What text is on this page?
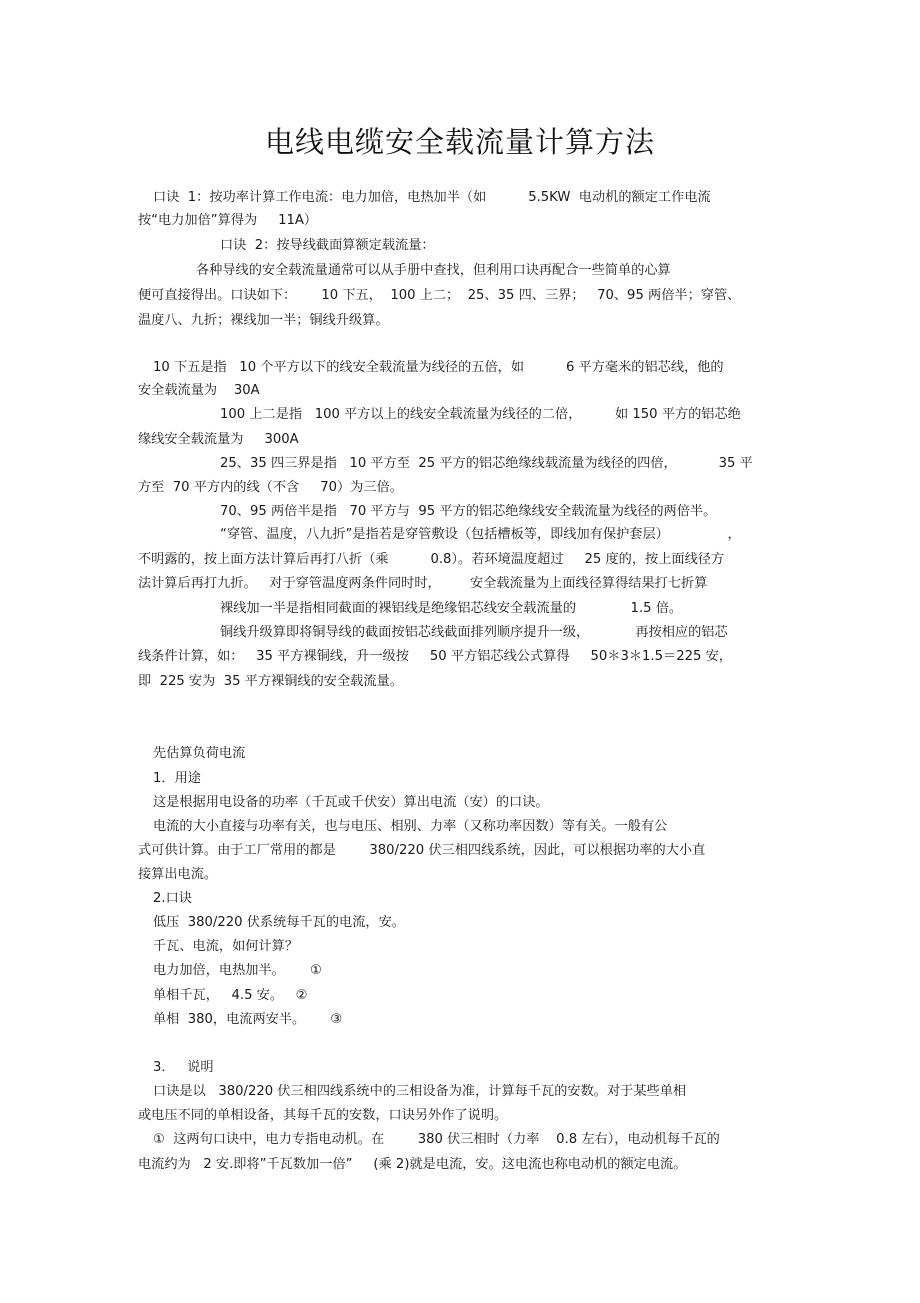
电线电缆安全载流量计算方法
口诀  1：按功率计算工作电流：电力加倍，电热加半（如          5.5KW  电动机的额定工作电流
按“电力加倍”算得为     11A）
口诀  2：按导线截面算额定载流量：
各种导线的安全载流量通常可以从手册中查找，但利用口诀再配合一些简单的心算
便可直接得出。口诀如下：      10 下五，  100 上二；  25、35 四、三界；   70、95 两倍半；穿管、
温度八、九折；裸线加一半；铜线升级算。
10 下五是指   10 个平方以下的线安全载流量为线径的五倍，如          6 平方毫米的铝芯线，他的
安全载流量为    30A
100 上二是指   100 平方以上的线安全载流量为线径的二倍，        如 150 平方的铝芯绝
缘线安全载流量为     300A
25、35 四三界是指   10 平方至  25 平方的铝芯绝缘线载流量为线径的四倍，          35 平
方至  70 平方内的线（不含     70）为三倍。
70、95 两倍半是指   70 平方与  95 平方的铝芯绝缘线安全载流量为线径的两倍半。
“穿管、温度，八九折”是指若是穿管敷设（包括槽板等，即线加有保护套层）              ，
不明露的，按上面方法计算后再打八折（乘          0.8）。若环境温度超过     25 度的，按上面线径方
法计算后再打九折。   对于穿管温度两条件同时时，       安全载流量为上面线径算得结果打七折算
裸线加一半是指相同截面的裸铝线是绝缘铝芯线安全载流量的             1.5 倍。
铜线升级算即将铜导线的截面按铝芯线截面排列顺序提升一级，           再按相应的铝芯
线条件计算，如：   35 平方裸铜线，升一级按     50 平方铝芯线公式算得     50＊3＊1.5＝225 安，
即  225 安为  35 平方裸铜线的安全载流量。
先估算负荷电流
1．用途
这是根据用电设备的功率（千瓦或千伏安）算出电流（安）的口诀。
电流的大小直接与功率有关，也与电压、相别、力率（又称功率因数）等有关。一般有公
式可供计算。由于工厂常用的都是        380/220 伏三相四线系统，因此，可以根据功率的大小直
接算出电流。
2.口诀
低压  380/220 伏系统每千瓦的电流，安。
千瓦、电流，如何计算？
电力加倍，电热加半。      ①
单相千瓦，   4.5 安。   ②
单相  380，电流两安半。      ③
3．   说明
口诀是以   380/220 伏三相四线系统中的三相设备为准，计算每千瓦的安数。对于某些单相
或电压不同的单相设备，其每千瓦的安数，口诀另外作了说明。
①  这两句口诀中，电力专指电动机。在        380 伏三相时（力率    0.8 左右），电动机每千瓦的
电流约为   2 安.即将”千瓦数加一倍”     (乘 2)就是电流，安。这电流也称电动机的额定电流。
